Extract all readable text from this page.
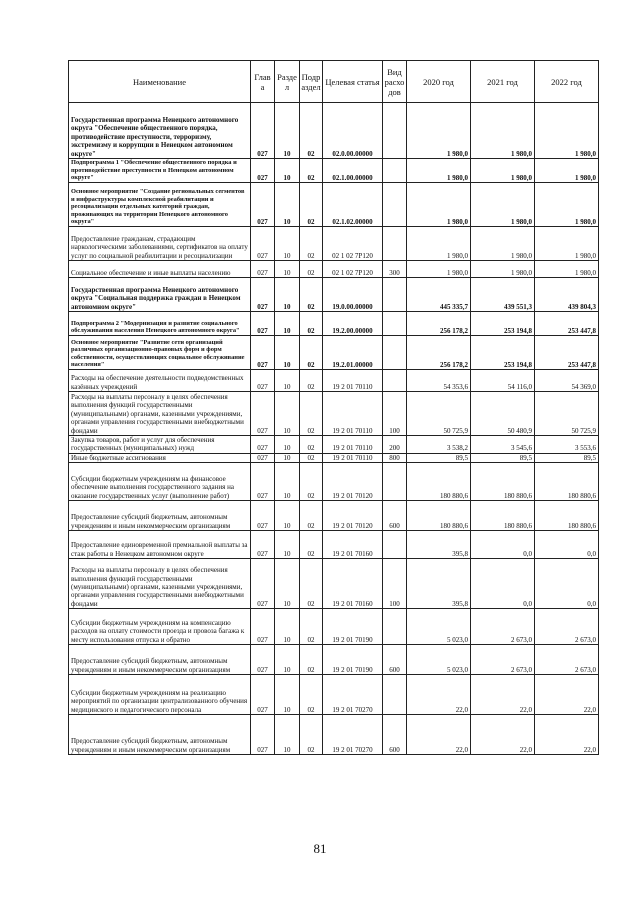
Наименование	Глав а	Разде л	Подр аздел	Целевая статья	Вид расхо дов	2020 год	2021 год	2022 год
Государственная программа Ненецкого автономного округа "Обеспечение общественного порядка, противодействие преступности, терроризму, экстремизму и коррупции в Ненецком автономном округе"	027	10	02	02.0.00.00000		1 980,0	1 980,0	1 980,0
Подпрограмма 1 "Обеспечение общественного порядка и противодействие преступности в Ненецком автономном округе"	027	10	02	02.1.00.00000		1 980,0	1 980,0	1 980,0
Основное мероприятие "Создание региональных сегментов и инфраструктуры комплексной реабилитации и ресоциализации отдельных категорий граждан, проживающих на территории Ненецкого автономного округа"	027	10	02	02.1.02.00000		1 980,0	1 980,0	1 980,0
Предоставление гражданам, страдающим наркологическими заболеваниями, сертификатов на оплату услуг по социальной реабилитации и ресоциализации	027	10	02	02 1 02 7Р120		1 980,0	1 980,0	1 980,0
Социальное обеспечение и иные выплаты населению	027	10	02	02 1 02 7Р120	300	1 980,0	1 980,0	1 980,0
Государственная программа Ненецкого автономного округа "Социальная поддержка граждан в Ненецком автономном округе"	027	10	02	19.0.00.00000		445 335,7	439 551,3	439 804,3
Подпрограмма 2 "Модернизация и развитие социального обслуживания населения Ненецкого автономного округа"	027	10	02	19.2.00.00000		256 178,2	253 194,8	253 447,8
Основное мероприятие "Развитие сети организаций различных организационно-правовых форм и форм собственности, осуществляющих социальное обслуживание населения"	027	10	02	19.2.01.00000		256 178,2	253 194,8	253 447,8
Расходы на обеспечение деятельности подведомственных казённых учреждений	027	10	02	19 2 01 70110		54 353,6	54 116,0	54 369,0
Расходы на выплаты персоналу в целях обеспечения выполнения функций государственными (муниципальными) органами, казенными учреждениями, органами управления государственными внебюджетными фондами	027	10	02	19 2 01 70110	100	50 725,9	50 480,9	50 725,9
Закупка товаров, работ и услуг для обеспечения государственных (муниципальных) нужд	027	10	02	19 2 01 70110	200	3 538,2	3 545,6	3 553,6
Иные бюджетные ассигнования	027	10	02	19 2 01 70110	800	89,5	89,5	89,5
Субсидии бюджетным учреждениям на финансовое обеспечение выполнения государственного задания на оказание государственных услуг (выполнение работ)	027	10	02	19 2 01 70120		180 880,6	180 880,6	180 880,6
Предоставление субсидий бюджетным, автономным учреждениям и иным некоммерческим организациям	027	10	02	19 2 01 70120	600	180 880,6	180 880,6	180 880,6
Предоставление единовременной премиальной выплаты за стаж работы в Ненецком автономном округе	027	10	02	19 2 01 70160		395,8	0,0	0,0
Расходы на выплаты персоналу в целях обеспечения выполнения функций государственными (муниципальными) органами, казенными учреждениями, органами управления государственными внебюджетными фондами	027	10	02	19 2 01 70160	100	395,8	0,0	0,0
Субсидии бюджетным учреждениям на компенсацию расходов на оплату стоимости проезда и провоза багажа к месту использования отпуска и обратно	027	10	02	19 2 01 70190		5 023,0	2 673,0	2 673,0
Предоставление субсидий бюджетным, автономным учреждениям и иным некоммерческим организациям	027	10	02	19 2 01 70190	600	5 023,0	2 673,0	2 673,0
Субсидии бюджетным учреждениям на реализацию мероприятий по организации централизованного обучения медицинского и педагогического персонала	027	10	02	19 2 01 70270		22,0	22,0	22,0
Предоставление субсидий бюджетным, автономным учреждениям и иным некоммерческим организациям	027	10	02	19 2 01 70270	600	22,0	22,0	22,0
81
